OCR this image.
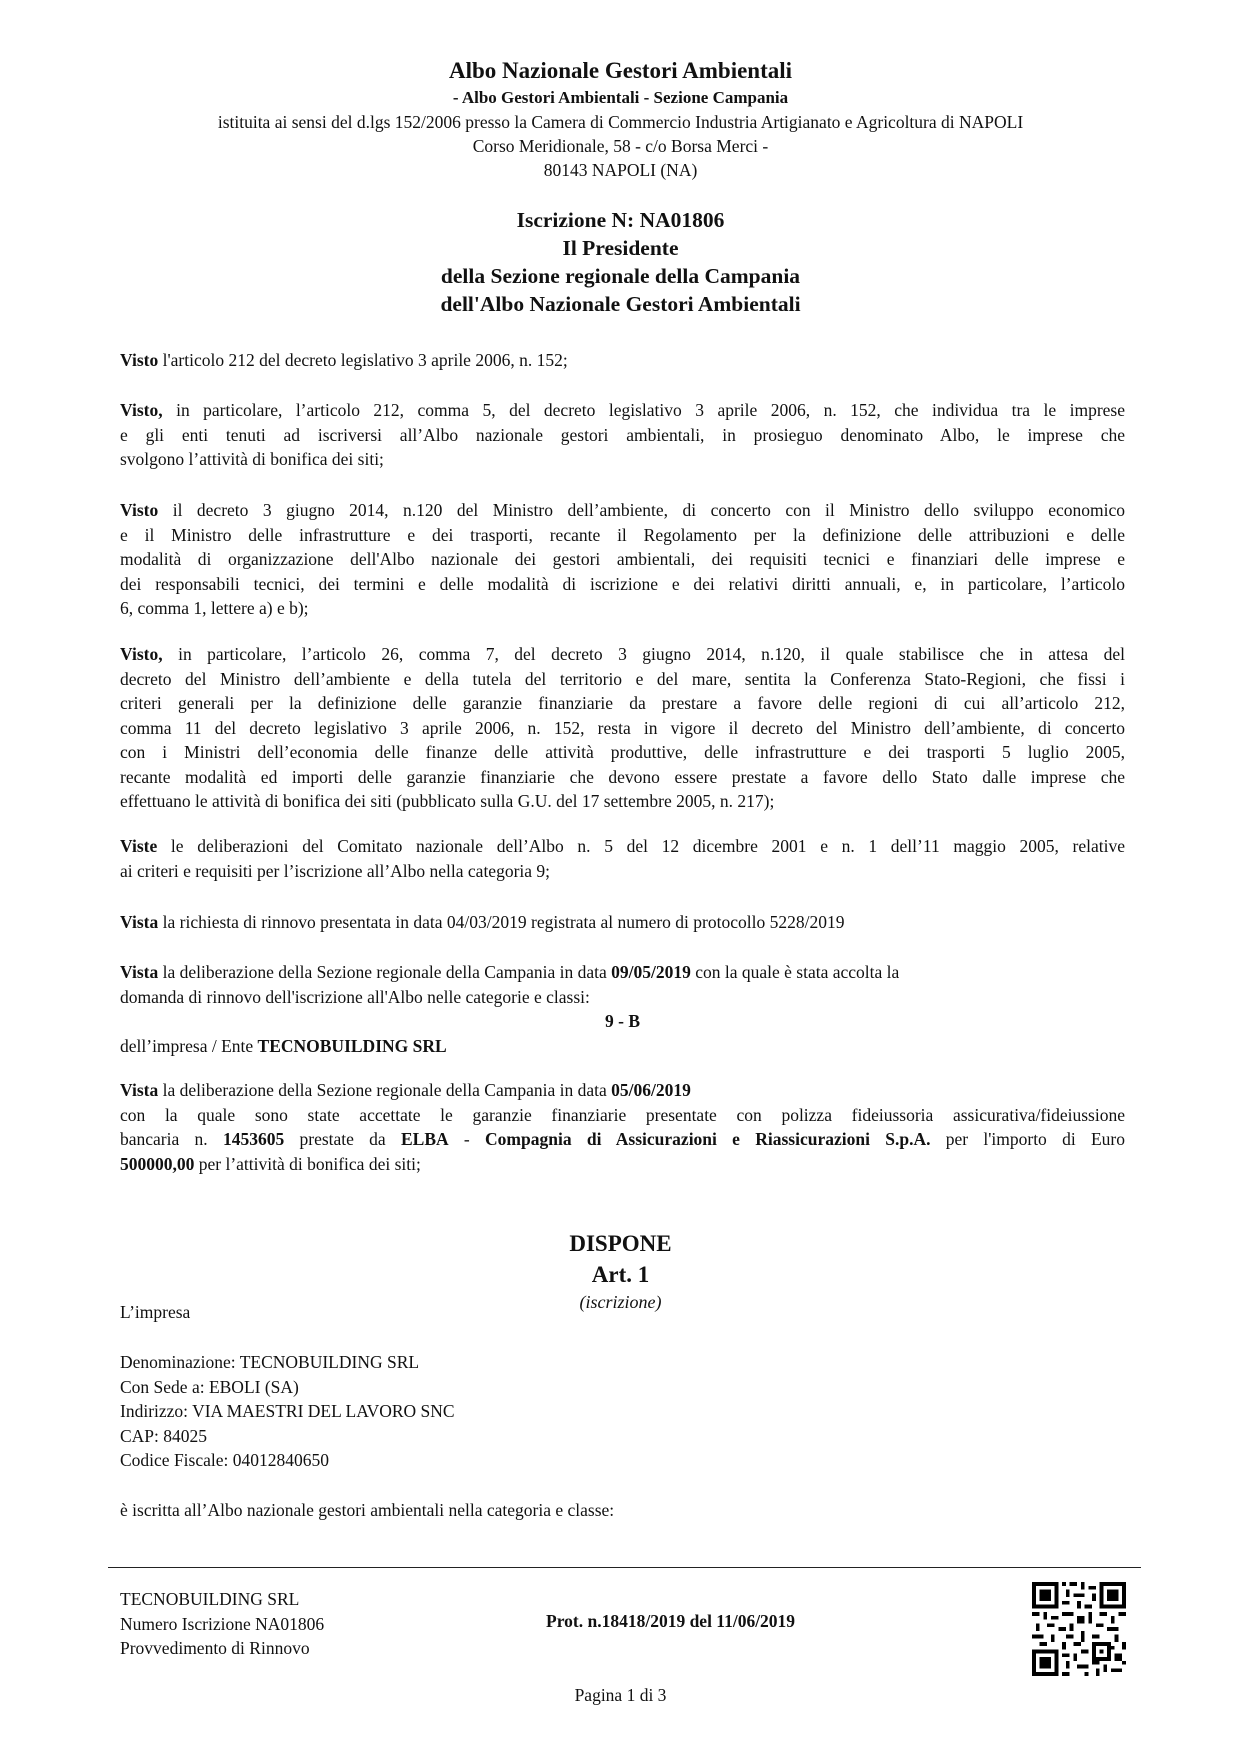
Albo Nazionale Gestori Ambientali
- Albo Gestori Ambientali - Sezione Campania
istituita ai sensi del d.lgs 152/2006 presso la Camera di Commercio Industria Artigianato e Agricoltura di NAPOLI
Corso Meridionale, 58 - c/o Borsa Merci -
80143 NAPOLI (NA)
Iscrizione N: NA01806
Il Presidente
della Sezione regionale della Campania
dell'Albo Nazionale Gestori Ambientali
Visto l'articolo 212 del decreto legislativo 3 aprile 2006, n. 152;
Visto, in particolare, l’articolo 212, comma 5, del decreto legislativo 3 aprile 2006, n. 152, che individua tra le imprese
e gli enti tenuti ad iscriversi all’Albo nazionale gestori ambientali, in prosieguo denominato Albo, le imprese che
svolgono l’attività di bonifica dei siti;
Visto il decreto 3 giugno 2014, n.120 del Ministro dell’ambiente, di concerto con il Ministro dello sviluppo economico
e il Ministro delle infrastrutture e dei trasporti, recante il Regolamento per la definizione delle attribuzioni e delle
modalità di organizzazione dell'Albo nazionale dei gestori ambientali, dei requisiti tecnici e finanziari delle imprese e
dei responsabili tecnici, dei termini e delle modalità di iscrizione e dei relativi diritti annuali, e, in particolare, l’articolo
6, comma 1, lettere a) e b);
Visto, in particolare, l’articolo 26, comma 7, del decreto 3 giugno 2014, n.120, il quale stabilisce che in attesa del
decreto del Ministro dell’ambiente e della tutela del territorio e del mare, sentita la Conferenza Stato-Regioni, che fissi i
criteri generali per la definizione delle garanzie finanziarie da prestare a favore delle regioni di cui all’articolo 212,
comma 11 del decreto legislativo 3 aprile 2006, n. 152, resta in vigore il decreto del Ministro dell’ambiente, di concerto
con i Ministri dell’economia delle finanze delle attività produttive, delle infrastrutture e dei trasporti 5 luglio 2005,
recante modalità ed importi delle garanzie finanziarie che devono essere prestate a favore dello Stato dalle imprese che
effettuano le attività di bonifica dei siti (pubblicato sulla G.U. del 17 settembre 2005, n. 217);
Viste le deliberazioni del Comitato nazionale dell’Albo n. 5 del 12 dicembre 2001 e n. 1 dell’11 maggio 2005, relative
ai criteri e requisiti per l’iscrizione all’Albo nella categoria 9;
Vista la richiesta di rinnovo presentata in data 04/03/2019 registrata al numero di protocollo 5228/2019
Vista la deliberazione della Sezione regionale della Campania in data 09/05/2019 con la quale è stata accolta la
domanda di rinnovo dell'iscrizione all'Albo nelle categorie e classi:
9 - B
dell’impresa / Ente TECNOBUILDING SRL
Vista la deliberazione della Sezione regionale della Campania in data 05/06/2019
con la quale sono state accettate le garanzie finanziarie presentate con polizza fideiussoria assicurativa/fideiussione
bancaria n. 1453605 prestate da ELBA - Compagnia di Assicurazioni e Riassicurazioni S.p.A. per l'importo di Euro
500000,00 per l’attività di bonifica dei siti;
DISPONE
Art. 1
(iscrizione)
L’impresa
Denominazione: TECNOBUILDING SRL
Con Sede a: EBOLI (SA)
Indirizzo: VIA MAESTRI DEL LAVORO SNC
CAP: 84025
Codice Fiscale: 04012840650
è iscritta all’Albo nazionale gestori ambientali nella categoria e classe:
TECNOBUILDING SRL
Numero Iscrizione NA01806
Provvedimento di Rinnovo
Prot. n.18418/2019 del 11/06/2019
Pagina 1 di 3
